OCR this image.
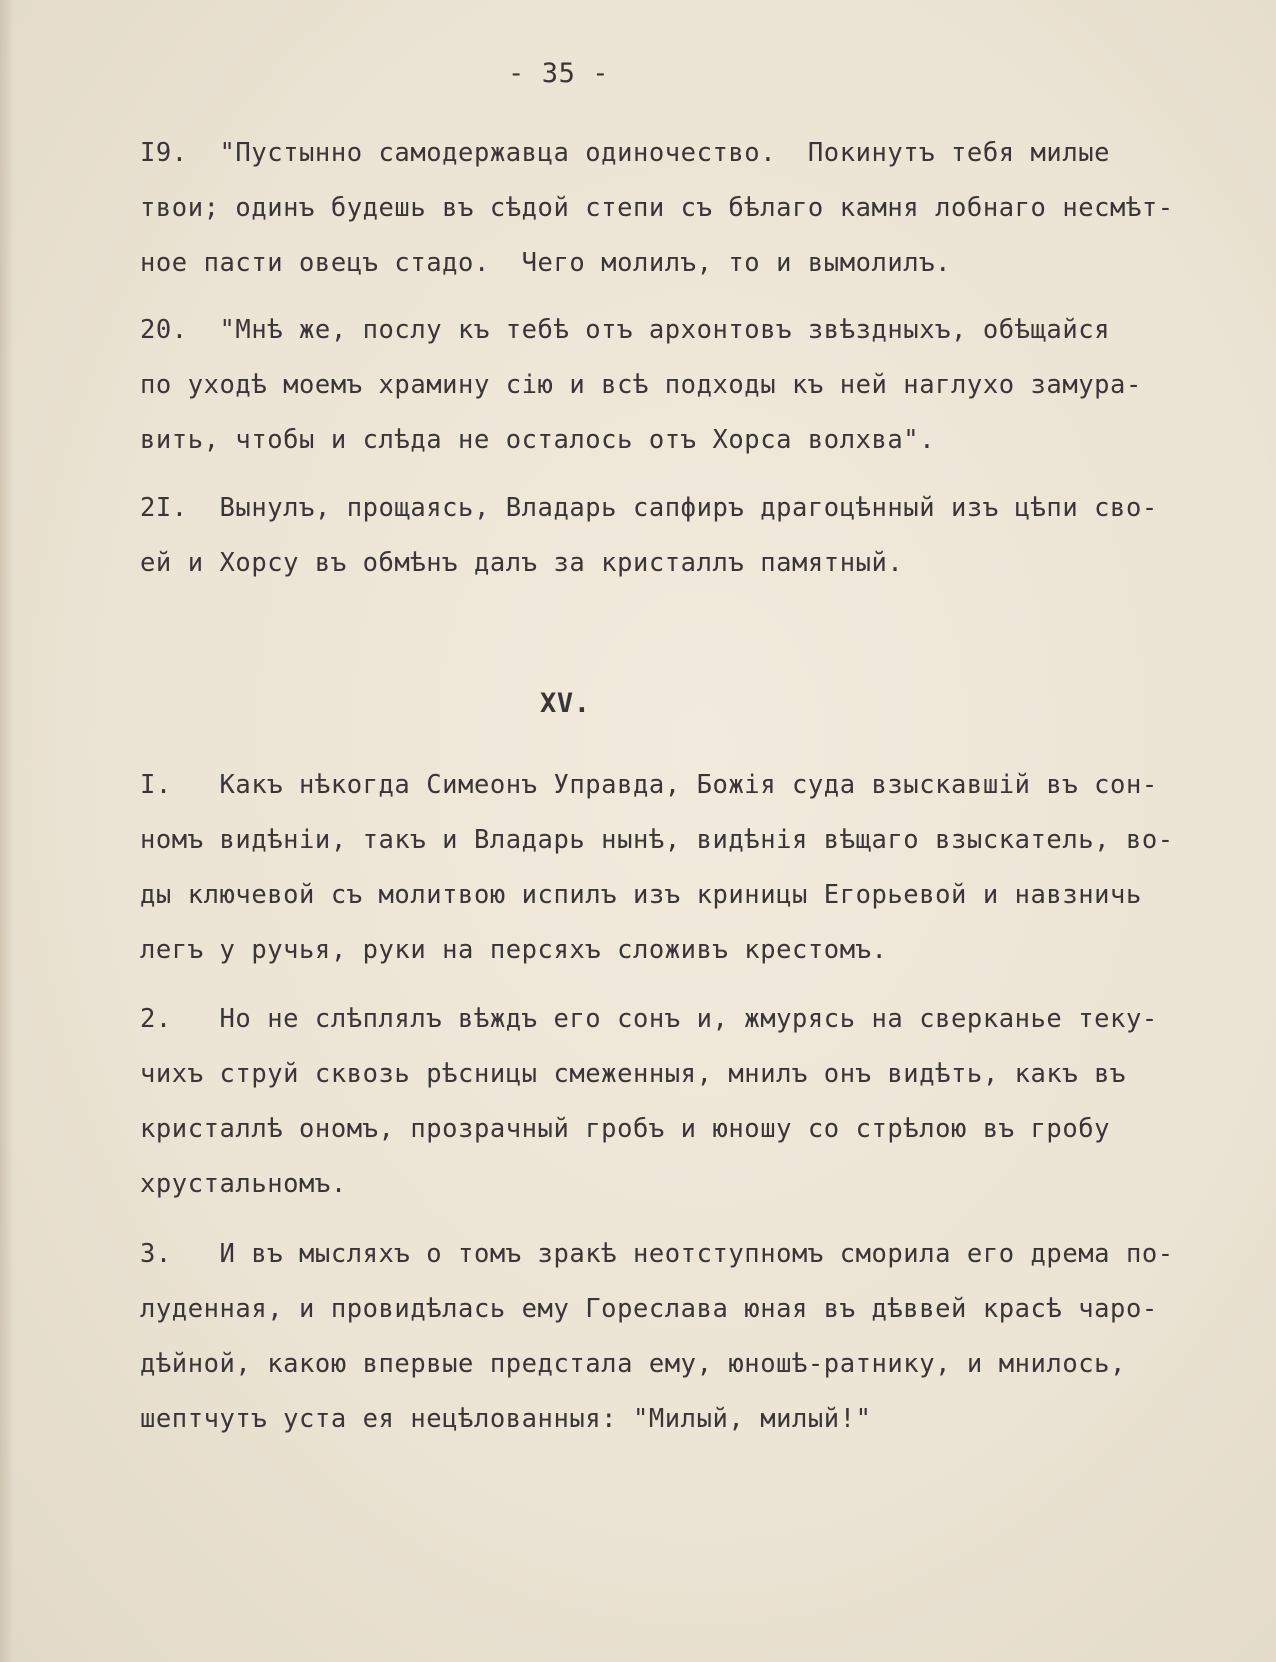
- 35 -
I9.  "Пустынно самодержавца одиночество.  Покинутъ тебя милые
твои; одинъ будешь въ сѣдой степи съ бѣлаго камня лобнаго несмѣт-
ное пасти овецъ стадо.  Чего молилъ, то и вымолилъ.
20.  "Мнѣ же, послу къ тебѣ отъ архонтовъ звѣздныхъ, обѣщайся
по уходѣ моемъ храмину сію и всѣ подходы къ ней наглухо замура-
вить, чтобы и слѣда не осталось отъ Хорса волхва".
2I.  Вынулъ, прощаясь, Владарь сапфиръ драгоцѣнный изъ цѣпи сво-
ей и Хорсу въ обмѣнъ далъ за кристаллъ памятный.
XV.
I.   Какъ нѣкогда Симеонъ Управда, Божія суда взыскавшій въ сон-
номъ видѣніи, такъ и Владарь нынѣ, видѣнія вѣщаго взыскатель, во-
ды ключевой съ молитвою испилъ изъ криницы Егорьевой и навзничь
легъ у ручья, руки на персяхъ сложивъ крестомъ.
2.   Но не слѣплялъ вѣждъ его сонъ и, жмурясь на сверканье теку-
чихъ струй сквозь рѣсницы смеженныя, мнилъ онъ видѣть, какъ въ
кристаллѣ ономъ, прозрачный гробъ и юношу со стрѣлою въ гробу
хрустальномъ.
3.   И въ мысляхъ о томъ зракѣ неотступномъ сморила его дрема по-
луденная, и провидѣлась ему Гореслава юная въ дѣввей красѣ чаро-
дѣйной, какою впервые предстала ему, юношѣ-ратнику, и мнилось,
шептчутъ уста ея нецѣлованныя: "Милый, милый!"
